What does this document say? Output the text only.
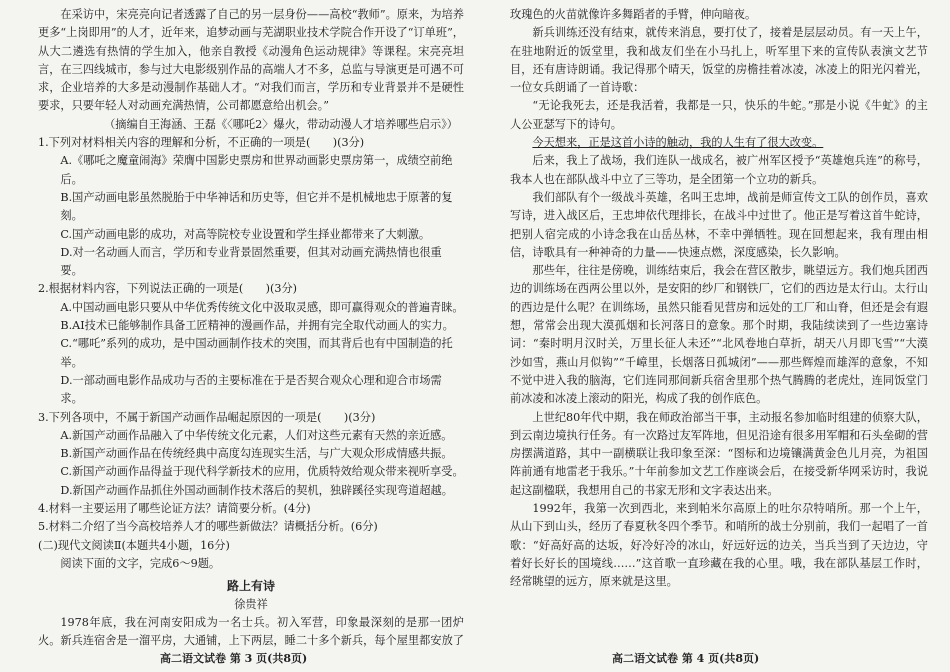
在采访中，宋亮亮向记者透露了自己的另一层身份——高校“教师”。原来，为培养更多“上岗即用”的人才，近年来，追梦动画与芜湖职业技术学院合作开设了“订单班”，从大二遴选有热情的学生加入，他亲自教授《动漫角色运动规律》等课程。宋亮亮坦言，在三四线城市，参与过大电影级别作品的高端人才不多，总监与导演更是可遇不可求，企业培养的大多是动漫制作基础人才。“对我们而言，学历和专业背景并不是硬性要求，只要年轻人对动画充满热情，公司都愿意给出机会。”

（摘编自王海涵、王磊《〈哪吒2〉爆火，带动动漫人才培养哪些启示》）

1.下列对材料相关内容的理解和分析，不正确的一项是(　　)(3分)

A.《哪吒之魔童闹海》荣膺中国影史票房和世界动画影史票房第一，成绩空前绝后。

B.国产动画电影虽然脱胎于中华神话和历史等，但它并不是机械地忠于原著的复刻。

C.国产动画电影的成功，对高等院校专业设置和学生择业都带来了大刺激。

D.对一名动画人而言，学历和专业背景固然重要，但其对动画充满热情也很重要。

2.根据材料内容，下列说法正确的一项是(　　)(3分)

A.中国动画电影只要从中华优秀传统文化中汲取灵感，即可赢得观众的普遍青睐。

B.AI技术已能够制作具备工匠精神的漫画作品，并拥有完全取代动画人的实力。

C.“哪吒”系列的成功，是中国动画制作技术的突围，而其背后也有中国制造的托举。

D.一部动画电影作品成功与否的主要标准在于是否契合观众心理和迎合市场需求。

3.下列各项中，不属于新国产动画作品崛起原因的一项是(　　)(3分)

A.新国产动画作品融入了中华传统文化元素，人们对这些元素有天然的亲近感。

B.新国产动画作品在传统经典中高度勾连现实生活，与广大观众形成情感共振。

C.新国产动画作品得益于现代科学新技术的应用，优质特效给观众带来视听享受。

D.新国产动画作品抓住外国动画制作技术落后的契机，独辟蹊径实现弯道超越。

4.材料一主要运用了哪些论证方法？请简要分析。(4分)

5.材料二介绍了当今高校培养人才的哪些新做法？请概括分析。(6分)

(二)现代文阅读Ⅱ(本题共4小题，16分)

阅读下面的文字，完成6～9题。

路上有诗

徐贵祥

1978年底，我在河南安阳成为一名士兵。初入军营，印象最深刻的是那一团炉火。新兵连宿舍是一溜平房，大通铺，上下两层，睡二十多个新兵，每个屋里都安放了

玫瑰色的火苗就像许多舞蹈者的手臂，伸向暗夜。

新兵训练还没有结束，就传来消息，要打仗了，接着是层层动员。有一天上午，在驻地附近的饭堂里，我和战友们坐在小马扎上，听军里下来的宣传队表演文艺节目，还有唐诗朗诵。我记得那个晴天，饭堂的房檐挂着冰凌，冰凌上的阳光闪着光，一位女兵朗诵了一首诗歌：

“无论我死去，还是我活着，我都是一只，快乐的牛蛇。”那是小说《牛虻》的主人公亚瑟写下的诗句。

今天想来，正是这首小诗的触动，我的人生有了很大改变。

后来，我上了战场，我们连队一战成名，被广州军区授予“英雄炮兵连”的称号，我本人也在部队战斗中立了三等功，是全团第一个立功的新兵。

我们部队有个一级战斗英雄，名叫王忠坤，战前是师宣传文工队的创作员，喜欢写诗，进入战区后，王忠坤依代理排长，在战斗中过世了。他正是写着这首牛蛇诗，把别人宿完成的小诗念我在山岳丛林，不幸中弹牺牲。现在回想起来，我有理由相信，诗歌具有一种神奇的力量——快速点燃，深度感染，长久影响。

那些年，往往是傍晚，训练结束后，我会在营区散步，眺望远方。我们炮兵团西边的训练场在西两公里以外，是安阳的纱厂和钢铁厂，它们的西边是太行山。太行山的西边是什么呢？在训练场，虽然只能看见营房和远处的工厂和山脊，但还是会有遐想，常常会出现大漠孤烟和长河落日的意象。那个时期，我陆续读到了一些边塞诗词：“秦时明月汉时关，万里长征人未还”“北风卷地白草折，胡天八月即飞雪”“大漠沙如雪，燕山月似钩”“千嶂里，长烟落日孤城闭”——那些辉煌而雄浑的意象，不知不觉中进入我的脑海，它们连同那间新兵宿舍里那个热气腾腾的老虎灶，连同饭堂门前冰凌和冰凌上滚动的阳光，构成了我的创作底色。

上世纪80年代中期，我在师政治部当干事，主动报名参加临时组建的侦察大队，到云南边境执行任务。有一次路过友军阵地，但见沿途有很多用军帽和石头垒砌的营房摆满道路，其中一副横联让我印象至深：“图标和边境镶满黄金色儿月亮，为祖国阵前通有地雷老于我乐。”十年前参加文艺工作座谈会后，在接受新华网采访时，我说起这副楹联，我想用自己的书家无形和文字表达出来。

1992年，我第一次到西北，来到帕米尔高原上的吐尔尕特哨所。那一个上午，从山下到山头，经历了春夏秋冬四个季节。和哨所的战士分别前，我们一起唱了一首歌：“好高好高的达坂，好冷好冷的冰山，好远好远的边关，当兵当到了天边边，守着好长好长的国境线……”这首歌一直珍藏在我的心里。哦，我在部队基层工作时，经常眺望的远方，原来就是这里。

高二语文试卷 第 3 页(共8页)	高二语文试卷 第 4 页(共8页)
